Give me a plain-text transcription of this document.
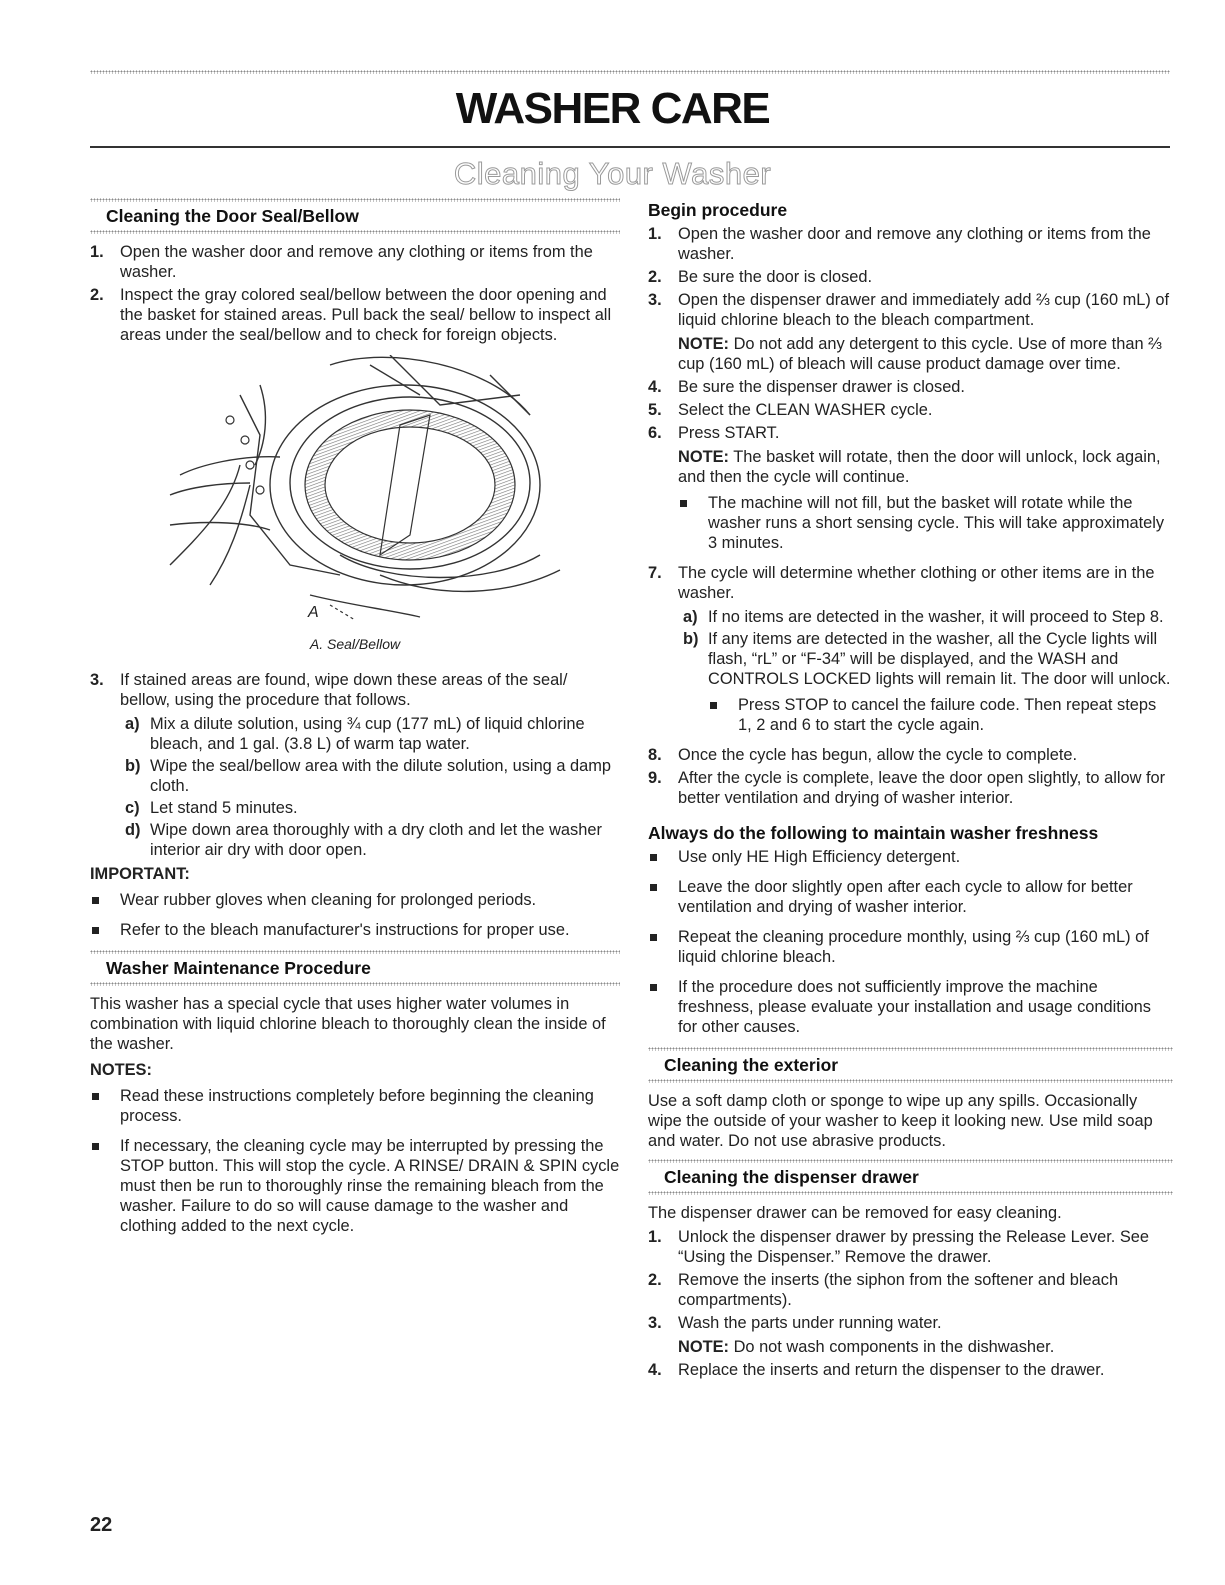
WASHER CARE
Cleaning Your Washer
Cleaning the Door Seal/Bellow
1. Open the washer door and remove any clothing or items from the washer.
2. Inspect the gray colored seal/bellow between the door opening and the basket for stained areas. Pull back the seal/ bellow to inspect all areas under the seal/bellow and to check for foreign objects.
A
A. Seal/Bellow
3. If stained areas are found, wipe down these areas of the seal/ bellow, using the procedure that follows.
a) Mix a dilute solution, using ¾ cup (177 mL) of liquid chlorine bleach, and 1 gal. (3.8 L) of warm tap water.
b) Wipe the seal/bellow area with the dilute solution, using a damp cloth.
c) Let stand 5 minutes.
d) Wipe down area thoroughly with a dry cloth and let the washer interior air dry with door open.

IMPORTANT:

Wear rubber gloves when cleaning for prolonged periods.
Refer to the bleach manufacturer's instructions for proper use.
Washer Maintenance Procedure

This washer has a special cycle that uses higher water volumes in combination with liquid chlorine bleach to thoroughly clean the inside of the washer.

NOTES:

Read these instructions completely before beginning the cleaning process.
If necessary, the cleaning cycle may be interrupted by pressing the STOP button. This will stop the cycle. A RINSE/ DRAIN & SPIN cycle must then be run to thoroughly rinse the remaining bleach from the washer. Failure to do so will cause damage to the washer and clothing added to the next cycle.
Begin procedure
1. Open the washer door and remove any clothing or items from the washer.
2. Be sure the door is closed.
3. Open the dispenser drawer and immediately add ⅔ cup (160 mL) of liquid chlorine bleach to the bleach compartment.

NOTE: Do not add any detergent to this cycle. Use of more than ⅔ cup (160 mL) of bleach will cause product damage over time.

4. Be sure the dispenser drawer is closed.
5. Select the CLEAN WASHER cycle.
6. Press START.

NOTE: The basket will rotate, then the door will unlock, lock again, and then the cycle will continue.

The machine will not fill, but the basket will rotate while the washer runs a short sensing cycle. This will take approximately 3 minutes.
7. The cycle will determine whether clothing or other items are in the washer.
a) If no items are detected in the washer, it will proceed to Step 8.
b) If any items are detected in the washer, all the Cycle lights will flash, “rL” or “F-34” will be displayed, and the WASH and CONTROLS LOCKED lights will remain lit. The door will unlock.
Press STOP to cancel the failure code. Then repeat steps 1, 2 and 6 to start the cycle again.
8. Once the cycle has begun, allow the cycle to complete.
9. After the cycle is complete, leave the door open slightly, to allow for better ventilation and drying of washer interior.
Always do the following to maintain washer freshness
Use only HE High Efficiency detergent.
Leave the door slightly open after each cycle to allow for better ventilation and drying of washer interior.
Repeat the cleaning procedure monthly, using ⅔ cup (160 mL) of liquid chlorine bleach.
If the procedure does not sufficiently improve the machine freshness, please evaluate your installation and usage conditions for other causes.
Cleaning the exterior

Use a soft damp cloth or sponge to wipe up any spills. Occasionally wipe the outside of your washer to keep it looking new. Use mild soap and water. Do not use abrasive products.

Cleaning the dispenser drawer

The dispenser drawer can be removed for easy cleaning.

1. Unlock the dispenser drawer by pressing the Release Lever. See “Using the Dispenser.” Remove the drawer.
2. Remove the inserts (the siphon from the softener and bleach compartments).
3. Wash the parts under running water.

NOTE: Do not wash components in the dishwasher.

4. Replace the inserts and return the dispenser to the drawer.
22
